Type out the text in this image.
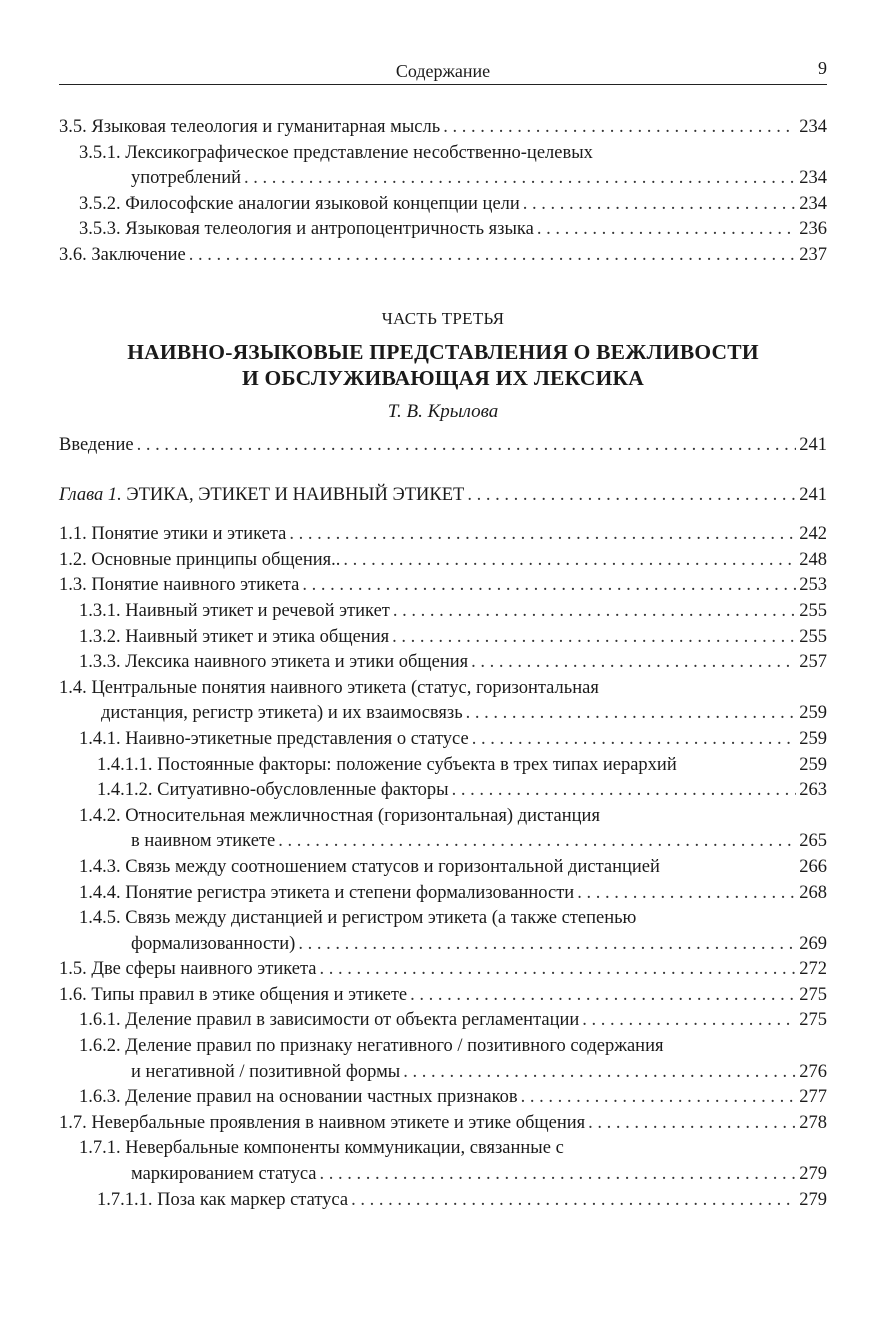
Содержание	9
3.5. Языковая телеология и гуманитарная мысль . . .	234
3.5.1. Лексикографическое представление несобственно-целевых
употреблений . . .	234
3.5.2. Философские аналогии языковой концепции цели . . .	234
3.5.3. Языковая телеология и антропоцентричность языка . . .	236
3.6. Заключение . . .	237
ЧАСТЬ ТРЕТЬЯ
НАИВНО-ЯЗЫКОВЫЕ ПРЕДСТАВЛЕНИЯ О ВЕЖЛИВОСТИ
И ОБСЛУЖИВАЮЩАЯ ИХ ЛЕКСИКА
Т. В. Крылова
Введение . . .	241
Глава 1. ЭТИКА, ЭТИКЕТ И НАИВНЫЙ ЭТИКЕТ . . .	241
1.1. Понятие этики и этикета . . .	242
1.2. Основные принципы общения.. . . .	248
1.3. Понятие наивного этикета . . .	253
1.3.1. Наивный этикет и речевой этикет . . .	255
1.3.2. Наивный этикет и этика общения . . .	255
1.3.3. Лексика наивного этикета и этики общения . . .	257
1.4. Центральные понятия наивного этикета (статус, горизонтальная
дистанция, регистр этикета) и их взаимосвязь . . .	259
1.4.1. Наивно-этикетные представления о статусе . . .	259
1.4.1.1. Постоянные факторы: положение субъекта в трех типах иерархий	259
1.4.1.2. Ситуативно-обусловленные факторы . . .	263
1.4.2. Относительная межличностная (горизонтальная) дистанция
в наивном этикете . . .	265
1.4.3. Связь между соотношением статусов и горизонтальной дистанцией	266
1.4.4. Понятие регистра этикета и степени формализованности . . .	268
1.4.5. Связь между дистанцией и регистром этикета (а также степенью
формализованности) . . .	269
1.5. Две сферы наивного этикета . . .	272
1.6. Типы правил в этике общения и этикете . . .	275
1.6.1. Деление правил в зависимости от объекта регламентации . . .	275
1.6.2. Деление правил по признаку негативного / позитивного содержания
и негативной / позитивной формы . . .	276
1.6.3. Деление правил на основании частных признаков . . .	277
1.7. Невербальные проявления в наивном этикете и этике общения . . .	278
1.7.1. Невербальные компоненты коммуникации, связанные с
маркированием статуса . . .	279
1.7.1.1. Поза как маркер статуса . . .	279
